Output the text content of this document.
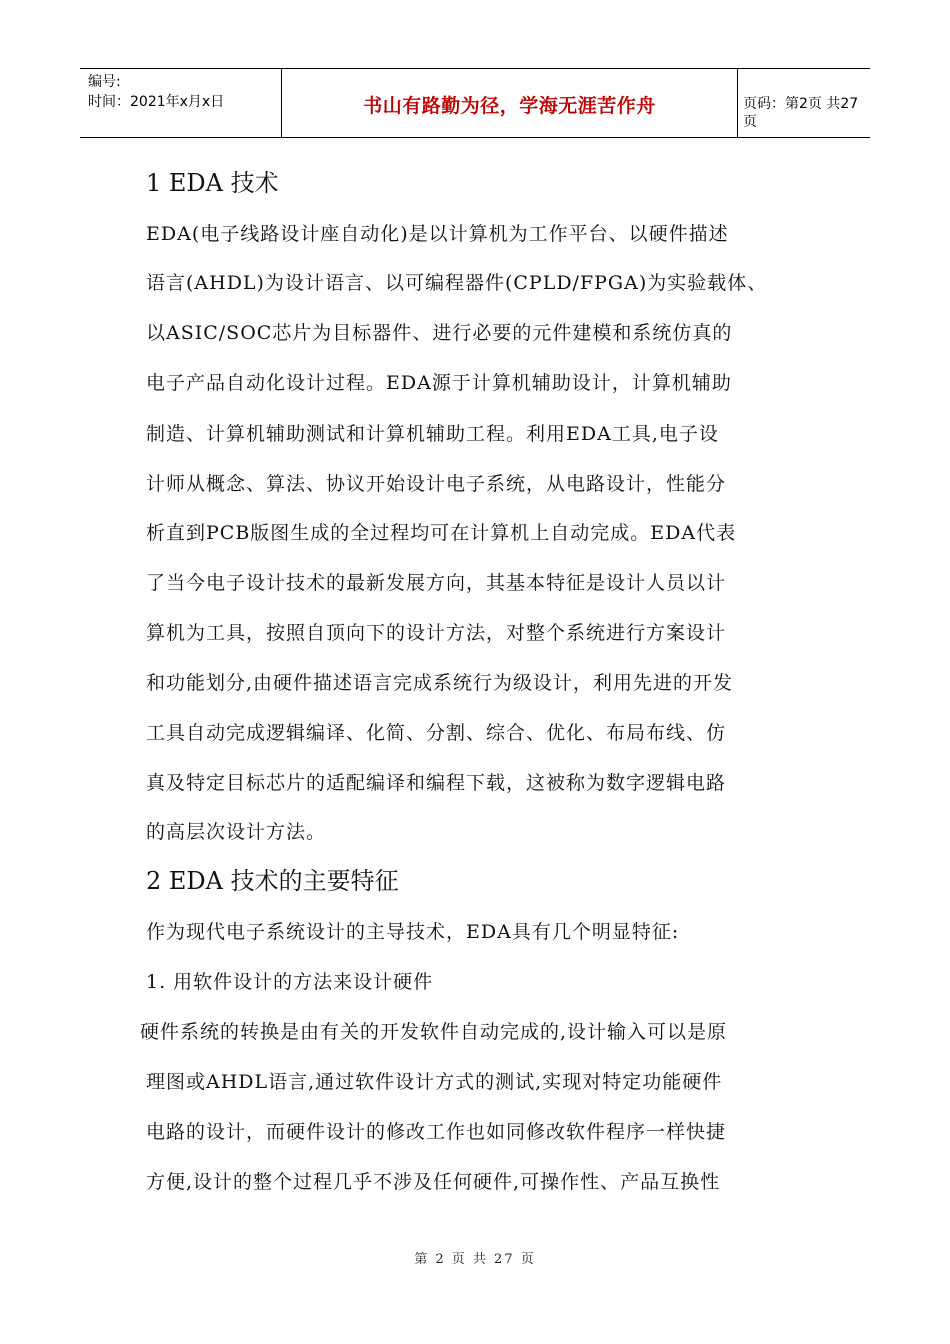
编号:
时间：2021年x月x日	书山有路勤为径，学海无涯苦作舟	页码：第2页 共27页
1 EDA 技术
EDA(电子线路设计座自动化)是以计算机为工作平台、以硬件描述
语言(AHDL)为设计语言、以可编程器件(CPLD/FPGA)为实验载体、
以ASIC/SOC芯片为目标器件、进行必要的元件建模和系统仿真的
电子产品自动化设计过程。EDA源于计算机辅助设计，计算机辅助
制造、计算机辅助测试和计算机辅助工程。利用EDA工具,电子设
计师从概念、算法、协议开始设计电子系统，从电路设计，性能分
析直到PCB版图生成的全过程均可在计算机上自动完成。EDA代表
了当今电子设计技术的最新发展方向，其基本特征是设计人员以计
算机为工具，按照自顶向下的设计方法，对整个系统进行方案设计
和功能划分,由硬件描述语言完成系统行为级设计，利用先进的开发
工具自动完成逻辑编译、化简、分割、综合、优化、布局布线、仿
真及特定目标芯片的适配编译和编程下载，这被称为数字逻辑电路
的高层次设计方法。
2 EDA 技术的主要特征
作为现代电子系统设计的主导技术，EDA具有几个明显特征:
1. 用软件设计的方法来设计硬件
硬件系统的转换是由有关的开发软件自动完成的,设计输入可以是原
理图或AHDL语言,通过软件设计方式的测试,实现对特定功能硬件
电路的设计，而硬件设计的修改工作也如同修改软件程序一样快捷
方便,设计的整个过程几乎不涉及任何硬件,可操作性、产品互换性
第 2 页 共 27 页
